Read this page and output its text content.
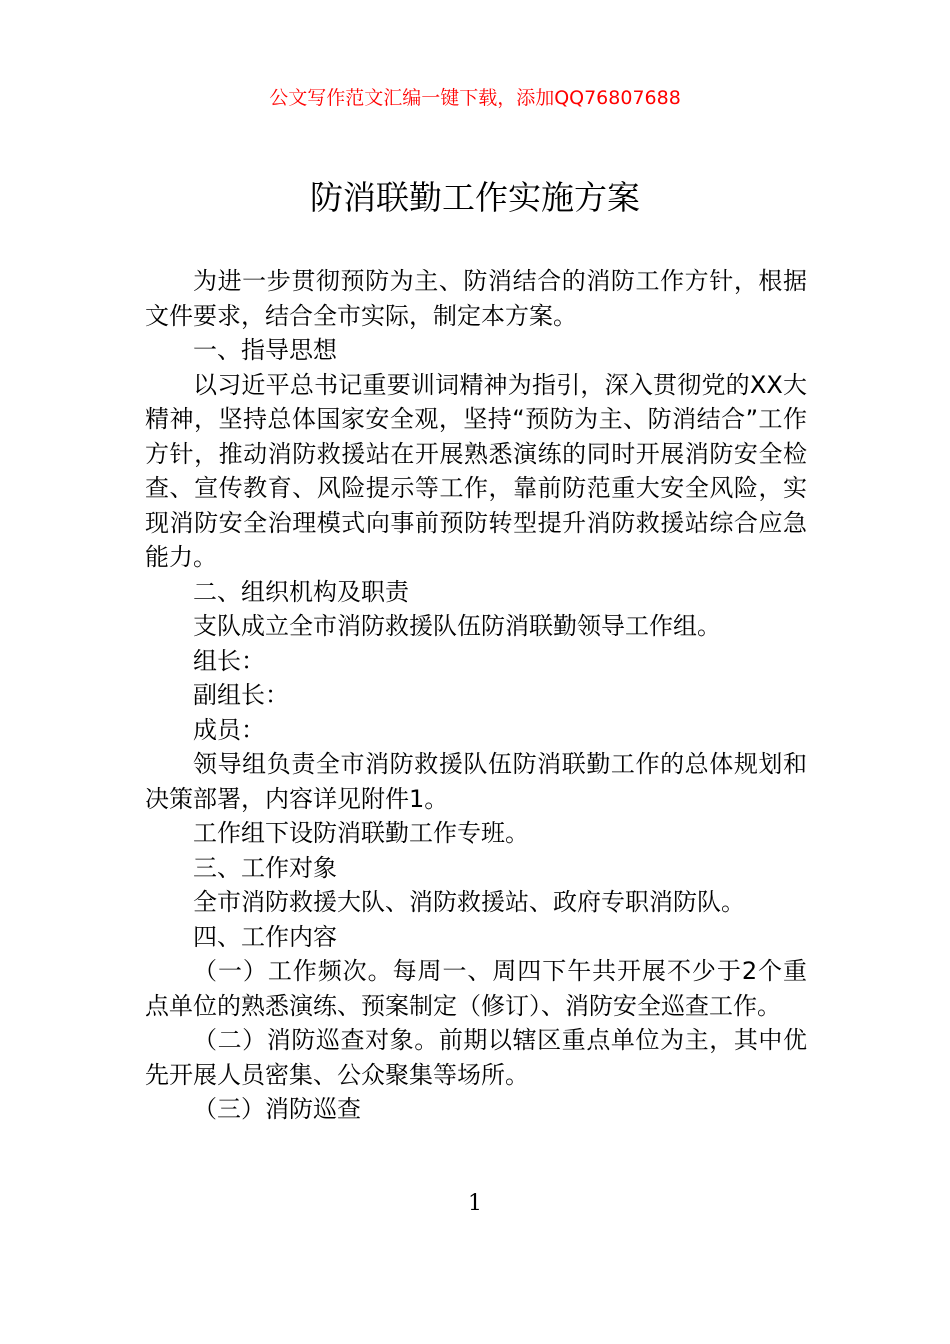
公文写作范文汇编一键下载，添加QQ76807688
防消联勤工作实施方案

为进一步贯彻预防为主、防消结合的消防工作方针，根据文件要求，结合全市实际，制定本方案。

一、指导思想

以习近平总书记重要训词精神为指引，深入贯彻党的XX大精神，坚持总体国家安全观，坚持“预防为主、防消结合”工作方针，推动消防救援站在开展熟悉演练的同时开展消防安全检查、宣传教育、风险提示等工作，靠前防范重大安全风险，实现消防安全治理模式向事前预防转型提升消防救援站综合应急能力。

二、组织机构及职责

支队成立全市消防救援队伍防消联勤领导工作组。

组长：

副组长：

成员：

领导组负责全市消防救援队伍防消联勤工作的总体规划和决策部署，内容详见附件1。

工作组下设防消联勤工作专班。

三、工作对象

全市消防救援大队、消防救援站、政府专职消防队。

四、工作内容

（一）工作频次。每周一、周四下午共开展不少于2个重点单位的熟悉演练、预案制定（修订）、消防安全巡查工作。

（二）消防巡查对象。前期以辖区重点单位为主，其中优先开展人员密集、公众聚集等场所。

（三）消防巡查

1
